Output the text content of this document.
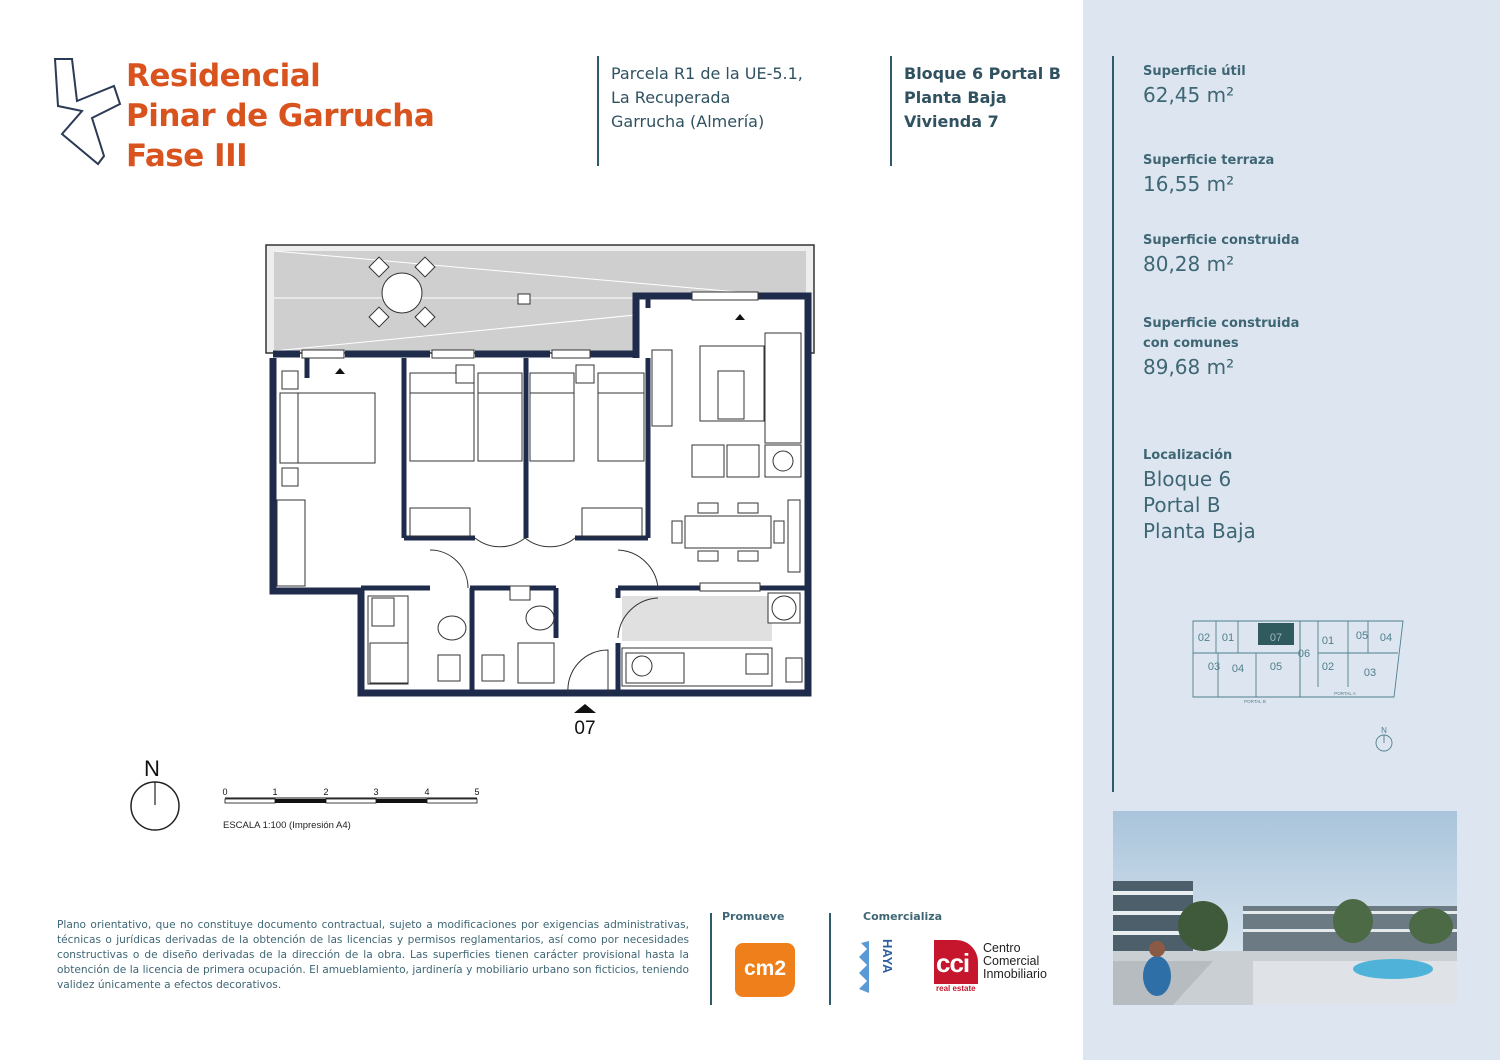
Residencial
Pinar de Garrucha
Fase III
Parcela R1 de la UE-5.1,
La Recuperada
Garrucha (Almería)
Bloque 6 Portal B
Planta Baja
Vivienda 7
07
N
0	1	2	3	4	5
ESCALA 1:100 (Impresión A4)
Plano orientativo, que no constituye documento contractual, sujeto a modificaciones por exigencias administrativas, técnicas o jurídicas derivadas de la obtención de las licencias y permisos reglamentarios, así como por necesidades constructivas o de diseño derivadas de la dirección de la obra. Las superficies tienen carácter provisional hasta la obtención de la licencia de primera ocupación. El amueblamiento, jardinería y mobiliario urbano son ficticios, teniendo validez únicamente a efectos decorativos.
Promueve
cm2
Comercializa
HAYA cci
real estate
Centro
Comercial
Inmobiliario
Superficie útil
62,45 m²
Superficie terraza
16,55 m²
Superficie construida
80,28 m²
Superficie construida
con comunes
89,68 m²
Localización
Bloque 6
Portal B
Planta Baja
02 01	07	01 05 04
03 04 05
06
02	03
PORTAL B
PORTAL A
N
